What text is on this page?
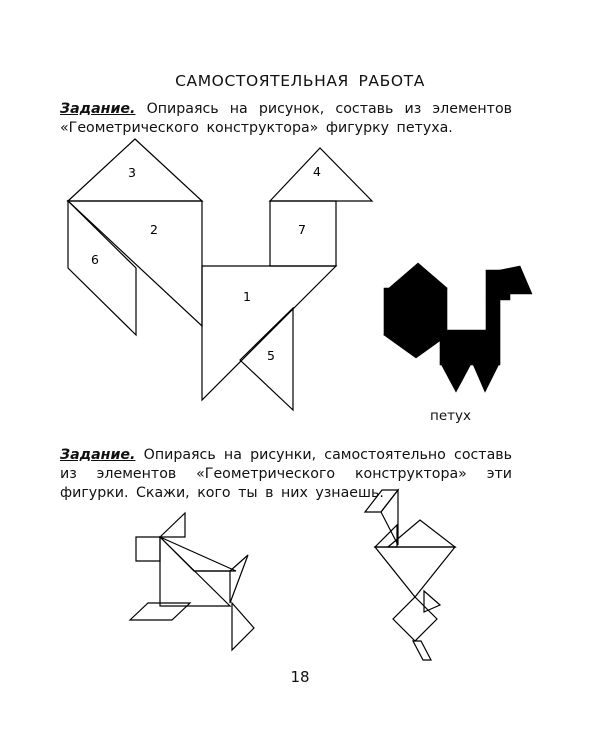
САМОСТОЯТЕЛЬНАЯ РАБОТА
Задание. Опираясь на рисунок, составь из элементов «Геометрического конструктора» фигурку петуха.
3
2
6
4
7
1
5
петух
Задание. Опираясь на рисунки, самостоятельно составь из элементов «Геометрического конструктора» эти фигурки. Скажи, кого ты в них узнаешь.
18
